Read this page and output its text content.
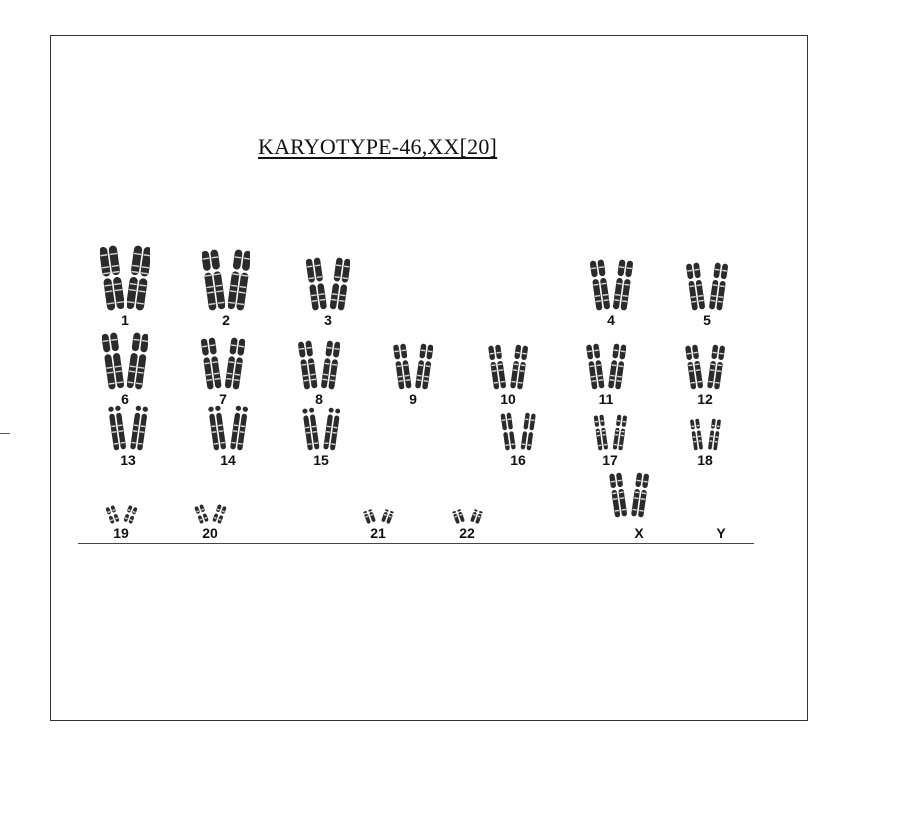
KARYOTYPE-46,XX[20]
1	2	3	4	5
6	7	8	9	10	11	12
13	14	15	16	17	18
19	20	21	22	X	Y
